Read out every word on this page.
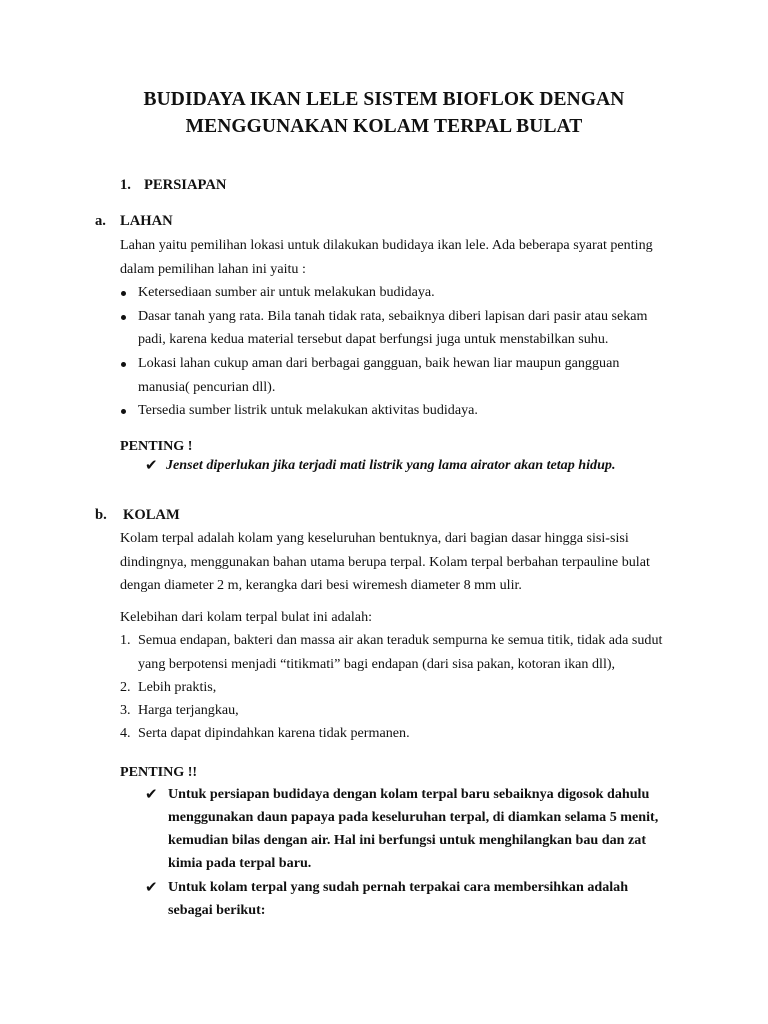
BUDIDAYA IKAN LELE SISTEM BIOFLOK DENGAN
MENGGUNAKAN KOLAM TERPAL BULAT
1. PERSIAPAN
a. LAHAN
Lahan yaitu pemilihan lokasi untuk dilakukan budidaya ikan lele. Ada beberapa syarat penting
dalam pemilihan lahan ini yaitu :
Ketersediaan sumber air untuk melakukan budidaya.
Dasar tanah yang rata. Bila tanah tidak rata, sebaiknya diberi lapisan dari pasir atau sekam
padi, karena kedua material tersebut dapat berfungsi juga untuk menstabilkan suhu.
Lokasi lahan cukup aman dari berbagai gangguan, baik hewan liar maupun gangguan
manusia( pencurian dll).
Tersedia sumber listrik untuk melakukan aktivitas budidaya.
PENTING !
✔ Jenset diperlukan jika terjadi mati listrik yang lama airator akan tetap hidup.
b. KOLAM
Kolam terpal adalah kolam yang keseluruhan bentuknya, dari bagian dasar hingga sisi-sisi
dindingnya, menggunakan bahan utama berupa terpal. Kolam terpal berbahan terpauline bulat
dengan diameter 2 m, kerangka dari besi wiremesh diameter 8 mm ulir.
Kelebihan dari kolam terpal bulat ini adalah:
1. Semua endapan, bakteri dan massa air akan teraduk sempurna ke semua titik, tidak ada sudut
yang berpotensi menjadi “titikmati” bagi endapan (dari sisa pakan, kotoran ikan dll),
2. Lebih praktis,
3. Harga terjangkau,
4. Serta dapat dipindahkan karena tidak permanen.
PENTING !!
✔ Untuk persiapan budidaya dengan kolam terpal baru sebaiknya digosok dahulu
menggunakan daun papaya pada keseluruhan terpal, di diamkan selama 5 menit,
kemudian bilas dengan air. Hal ini berfungsi untuk menghilangkan bau dan zat
kimia pada terpal baru.
✔ Untuk kolam terpal yang sudah pernah terpakai cara membersihkan adalah
sebagai berikut:
